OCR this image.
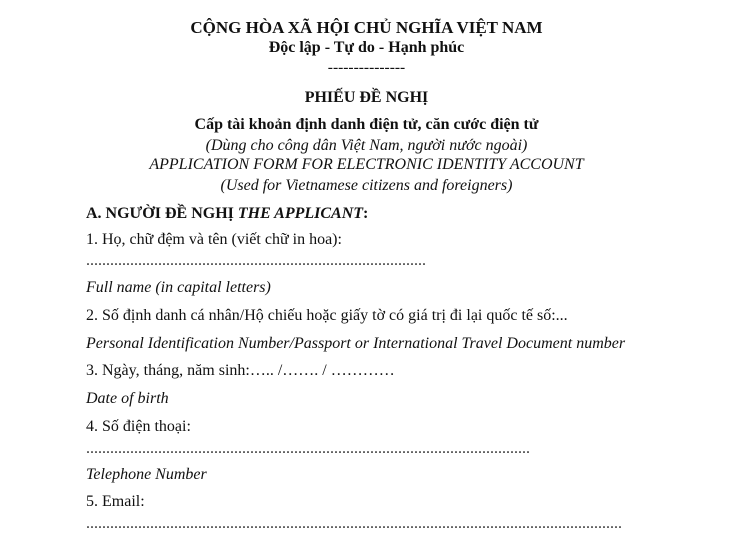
CỘNG HÒA XÃ HỘI CHỦ NGHĨA VIỆT NAM
Độc lập - Tự do - Hạnh phúc
---------------
PHIẾU ĐỀ NGHỊ
Cấp tài khoản định danh điện tử, căn cước điện tử
(Dùng cho công dân Việt Nam, người nước ngoài)
APPLICATION FORM FOR ELECTRONIC IDENTITY ACCOUNT
(Used for Vietnamese citizens and foreigners)
A. NGƯỜI ĐỀ NGHỊ THE APPLICANT:
1. Họ, chữ đệm và tên (viết chữ in hoa):
.....................................................................................
Full name (in capital letters)
2. Số định danh cá nhân/Hộ chiếu hoặc giấy tờ có giá trị đi lại quốc tế số:...
Personal Identification Number/Passport or International Travel Document number
3. Ngày, tháng, năm sinh:….. /……. / …………
Date of birth
4. Số điện thoại:
...............................................................................................................
Telephone Number
5. Email:
......................................................................................................................................
